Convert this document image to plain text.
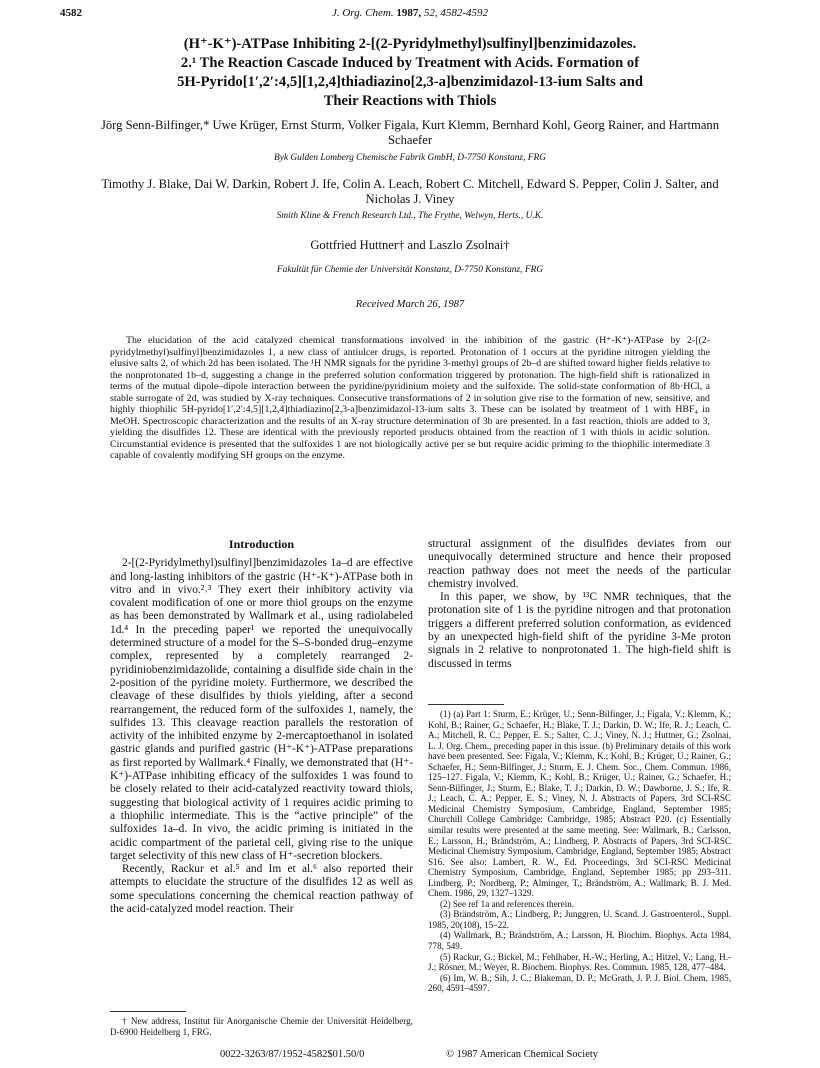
4582	J. Org. Chem. 1987, 52, 4582-4592
(H⁺-K⁺)-ATPase Inhibiting 2-[(2-Pyridylmethyl)sulfinyl]benzimidazoles.
2.¹ The Reaction Cascade Induced by Treatment with Acids. Formation of
5H-Pyrido[1′,2′:4,5][1,2,4]thiadiazino[2,3-a]benzimidazol-13-ium Salts and
Their Reactions with Thiols
Jörg Senn-Bilfinger,* Uwe Krüger, Ernst Sturm, Volker Figala, Kurt Klemm, Bernhard Kohl, Georg Rainer, and Hartmann Schaefer
Byk Gulden Lomberg Chemische Fabrik GmbH, D-7750 Konstanz, FRG
Timothy J. Blake, Dai W. Darkin, Robert J. Ife, Colin A. Leach, Robert C. Mitchell, Edward S. Pepper, Colin J. Salter, and Nicholas J. Viney
Smith Kline & French Research Ltd., The Frythe, Welwyn, Herts., U.K.
Gottfried Huttner† and Laszlo Zsolnai†
Fakultät für Chemie der Universität Konstanz, D-7750 Konstanz, FRG
Received March 26, 1987
The elucidation of the acid catalyzed chemical transformations involved in the inhibition of the gastric (H⁺-K⁺)-ATPase by 2-[(2-pyridylmethyl)sulfinyl]benzimidazoles 1, a new class of antiulcer drugs, is reported. Protonation of 1 occurs at the pyridine nitrogen yielding the elusive salts 2, of which 2d has been isolated. The ¹H NMR signals for the pyridine 3-methyl groups of 2b–d are shifted toward higher fields relative to the nonprotonated 1b–d, suggesting a change in the preferred solution conformation triggered by protonation. The high-field shift is rationalized in terms of the mutual dipole–dipole interaction between the pyridine/pyridinium moiety and the sulfoxide. The solid-state conformation of 8b·HCl, a stable surrogate of 2d, was studied by X-ray techniques. Consecutive transformations of 2 in solution give rise to the formation of new, sensitive, and highly thiophilic 5H-pyrido[1′,2′:4,5][1,2,4]thiadiazino[2,3-a]benzimidazol-13-ium salts 3. These can be isolated by treatment of 1 with HBF₄ in MeOH. Spectroscopic characterization and the results of an X-ray structure determination of 3b are presented. In a fast reaction, thiols are added to 3, yielding the disulfides 12. These are identical with the previously reported products obtained from the reaction of 1 with thiols in acidic solution. Circumstantial evidence is presented that the sulfoxides 1 are not biologically active per se but require acidic priming to the thiophilic intermediate 3 capable of covalently modifying SH groups on the enzyme.
Introduction

2-[(2-Pyridylmethyl)sulfinyl]benzimidazoles 1a–d are effective and long-lasting inhibitors of the gastric (H⁺-K⁺)-ATPase both in vitro and in vivo.²˒³ They exert their inhibitory activity via covalent modification of one or more thiol groups on the enzyme as has been demonstrated by Wallmark et al., using radiolabeled 1d.⁴ In the preceding paper¹ we reported the unequivocally determined structure of a model for the S–S-bonded drug–enzyme complex, represented by a completely rearranged 2-pyridiniobenzimidazolide, containing a disulfide side chain in the 2-position of the pyridine moiety. Furthermore, we described the cleavage of these disulfides by thiols yielding, after a second rearrangement, the reduced form of the sulfoxides 1, namely, the sulfides 13. This cleavage reaction parallels the restoration of activity of the inhibited enzyme by 2-mercaptoethanol in isolated gastric glands and purified gastric (H⁺-K⁺)-ATPase preparations as first reported by Wallmark.⁴ Finally, we demonstrated that (H⁺-K⁺)-ATPase inhibiting efficacy of the sulfoxides 1 was found to be closely related to their acid-catalyzed reactivity toward thiols, suggesting that biological activity of 1 requires acidic priming to a thiophilic intermediate. This is the “active principle” of the sulfoxides 1a–d. In vivo, the acidic priming is initiated in the acidic compartment of the parietal cell, giving rise to the unique target selectivity of this new class of H⁺-secretion blockers.

Recently, Rackur et al.⁵ and Im et al.⁶ also reported their attempts to elucidate the structure of the disulfides 12 as well as some speculations concerning the chemical reaction pathway of the acid-catalyzed model reaction. Their

structural assignment of the disulfides deviates from our unequivocally determined structure and hence their proposed reaction pathway does not meet the needs of the particular chemistry involved.

In this paper, we show, by ¹³C NMR techniques, that the protonation site of 1 is the pyridine nitrogen and that protonation triggers a different preferred solution conformation, as evidenced by an unexpected high-field shift of the pyridine 3-Me proton signals in 2 relative to nonprotonated 1. The high-field shift is discussed in terms

† New address, Institut für Anorganische Chemie der Universität Heidelberg, D-6900 Heidelberg 1, FRG.

(1) (a) Part 1: Sturm, E.; Krüger, U.; Senn-Bilfinger, J.; Figala, V.; Klemm, K.; Kohl, B.; Rainer, G.; Schaefer, H.; Blake, T. J.; Darkin, D. W.; Ife, R. J.; Leach, C. A.; Mitchell, R. C.; Pepper, E. S.; Salter, C. J.; Viney, N. J.; Huttner, G.; Zsolnai, L. J. Org. Chem., preceding paper in this issue. (b) Preliminary details of this work have been presented. See: Figala, V.; Klemm, K.; Kohl, B.; Krüger, U.; Rainer, G.; Schaefer, H.; Senn-Bilfinger, J.; Sturm, E. J. Chem. Soc., Chem. Commun. 1986, 125–127. Figala, V.; Klemm, K.; Kohl, B.; Krüger, U.; Rainer, G.; Schaefer, H.; Senn-Bilfinger, J.; Sturm, E.; Blake, T. J.; Darkin, D. W.; Dawborne, J. S.; Ife, R. J.; Leach, C. A.; Pepper, E. S.; Viney, N. J. Abstracts of Papers, 3rd SCI-RSC Medicinal Chemistry Symposium, Cambridge, England, September 1985; Churchill College Cambridge: Cambridge, 1985; Abstract P20. (c) Essentially similar results were presented at the same meeting. See: Wallmark, B.; Carlsson, E.; Larsson, H.; Brändström, A.; Lindberg, P. Abstracts of Papers, 3rd SCI-RSC Medicinal Chemistry Symposium, Cambridge, England, September 1985; Abstract S16. See also: Lambert, R. W., Ed. Proceedings, 3rd SCI-RSC Medicinal Chemistry Symposium, Cambridge, England, September 1985; pp 293–311. Lindberg, P.; Nordberg, P.; Alminger, T.; Brändström, A.; Wallmark, B. J. Med. Chem. 1986, 29, 1327–1329.

(2) See ref 1a and references therein.

(3) Brändström, A.; Lindberg, P.; Junggren, U. Scand. J. Gastroenterol., Suppl. 1985, 20(108), 15–22.

(4) Wallmark, B.; Brändström, A.; Larsson, H. Biochim. Biophys. Acta 1984, 778, 549.

(5) Rackur, G.; Bickel, M.; Fehlhaber, H.-W.; Herling, A.; Hitzel, V.; Lang, H.-J.; Rösner, M.; Weyer, R. Biochem. Biophys. Res. Commun. 1985, 128, 477–484.

(6) Im, W. B.; Sih, J. C.; Blakeman, D. P.; McGrath, J. P. J. Biol. Chem. 1985, 260, 4591–4597.

0022-3263/87/1952-4582$01.50/0	© 1987 American Chemical Society
